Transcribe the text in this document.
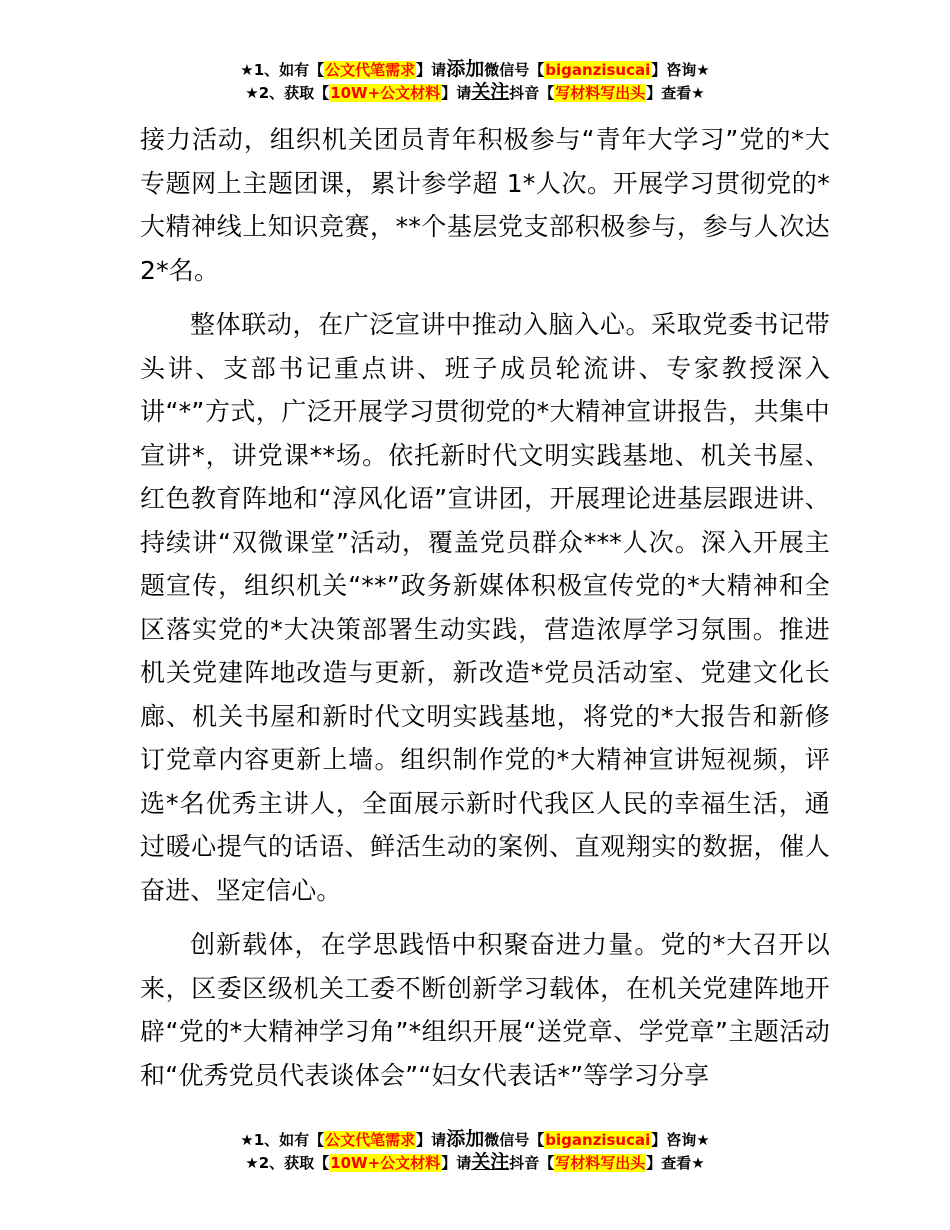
★1、如有【公文代笔需求】请添加微信号【biganzisucai】咨询★
★2、获取【10W+公文材料】请关注抖音【写材料写出头】查看★

接力活动，组织机关团员青年积极参与“青年大学习”党的*大专题网上主题团课，累计参学超 1*人次。开展学习贯彻党的*大精神线上知识竞赛，**个基层党支部积极参与，参与人次达 2*名。

整体联动，在广泛宣讲中推动入脑入心。采取党委书记带头讲、支部书记重点讲、班子成员轮流讲、专家教授深入讲“*”方式，广泛开展学习贯彻党的*大精神宣讲报告，共集中宣讲*，讲党课**场。依托新时代文明实践基地、机关书屋、红色教育阵地和“淳风化语”宣讲团，开展理论进基层跟进讲、持续讲“双微课堂”活动，覆盖党员群众***人次。深入开展主题宣传，组织机关“**”政务新媒体积极宣传党的*大精神和全区落实党的*大决策部署生动实践，营造浓厚学习氛围。推进机关党建阵地改造与更新，新改造*党员活动室、党建文化长廊、机关书屋和新时代文明实践基地，将党的*大报告和新修订党章内容更新上墙。组织制作党的*大精神宣讲短视频，评选*名优秀主讲人，全面展示新时代我区人民的幸福生活，通过暖心提气的话语、鲜活生动的案例、直观翔实的数据，催人奋进、坚定信心。

创新载体，在学思践悟中积聚奋进力量。党的*大召开以来，区委区级机关工委不断创新学习载体，在机关党建阵地开辟“党的*大精神学习角”*组织开展“送党章、学党章”主题活动和“优秀党员代表谈体会”“妇女代表话*”等学习分享

★1、如有【公文代笔需求】请添加微信号【biganzisucai】咨询★
★2、获取【10W+公文材料】请关注抖音【写材料写出头】查看★
